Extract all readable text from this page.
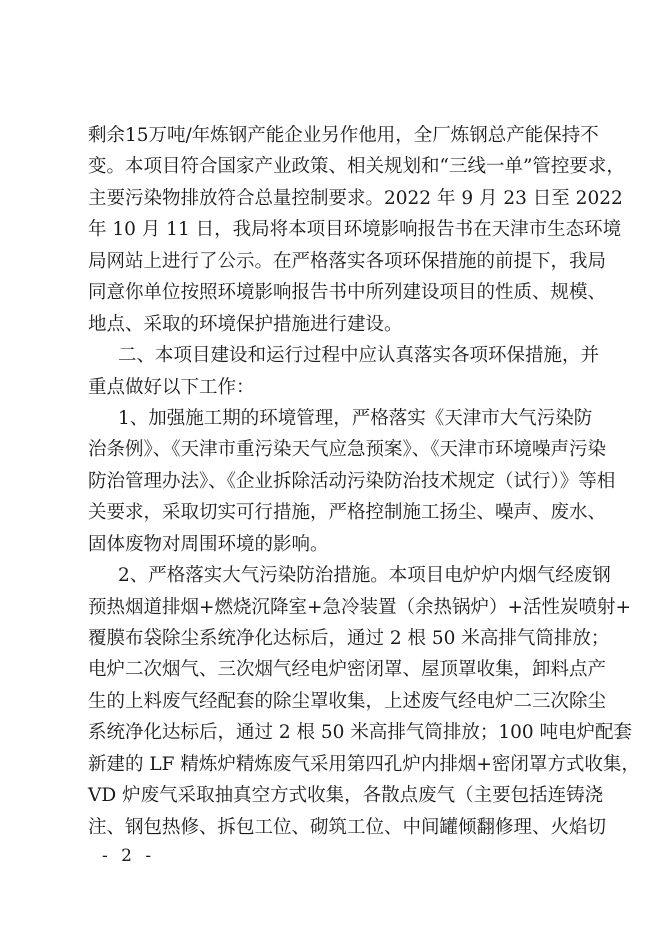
剩余15万吨/年炼钢产能企业另作他用，全厂炼钢总产能保持不
变。本项目符合国家产业政策、相关规划和“三线一单”管控要求，
主要污染物排放符合总量控制要求。2022 年 9 月 23 日至 2022
年 10 月 11 日，我局将本项目环境影响报告书在天津市生态环境
局网站上进行了公示。在严格落实各项环保措施的前提下，我局
同意你单位按照环境影响报告书中所列建设项目的性质、规模、
地点、采取的环境保护措施进行建设。
二、本项目建设和运行过程中应认真落实各项环保措施，并
重点做好以下工作：
1、加强施工期的环境管理，严格落实《天津市大气污染防
治条例》、《天津市重污染天气应急预案》、《天津市环境噪声污染
防治管理办法》、《企业拆除活动污染防治技术规定（试行）》等相
关要求，采取切实可行措施，严格控制施工扬尘、噪声、废水、
固体废物对周围环境的影响。
2、严格落实大气污染防治措施。本项目电炉炉内烟气经废钢
预热烟道排烟+燃烧沉降室+急冷装置（余热锅炉）+活性炭喷射+
覆膜布袋除尘系统净化达标后，通过 2 根 50 米高排气筒排放；
电炉二次烟气、三次烟气经电炉密闭罩、屋顶罩收集，卸料点产
生的上料废气经配套的除尘罩收集，上述废气经电炉二三次除尘
系统净化达标后，通过 2 根 50 米高排气筒排放；100 吨电炉配套
新建的 LF 精炼炉精炼废气采用第四孔炉内排烟+密闭罩方式收集，
VD 炉废气采取抽真空方式收集，各散点废气（主要包括连铸浇
注、钢包热修、拆包工位、砌筑工位、中间罐倾翻修理、火焰切
- 2 -
